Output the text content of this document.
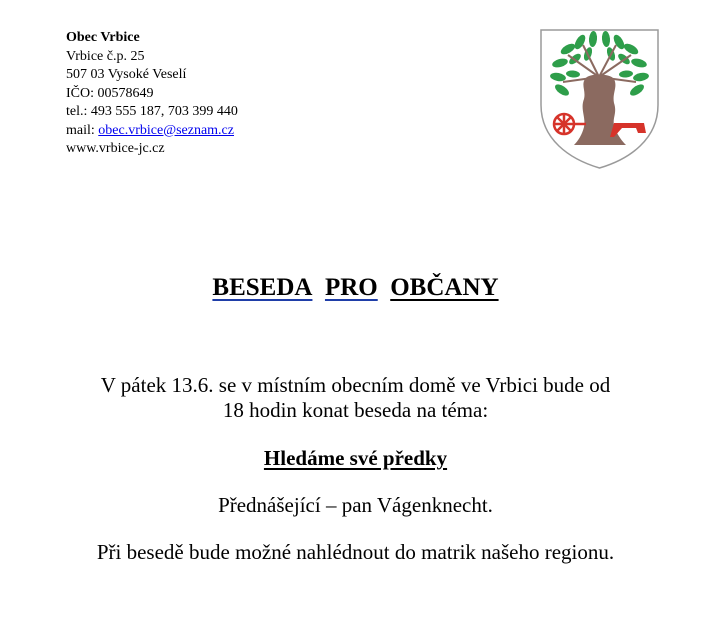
Obec Vrbice
Vrbice č.p. 25
507 03 Vysoké Veselí
IČO: 00578649
tel.: 493 555 187, 703 399 440
mail: obec.vrbice@seznam.cz
www.vrbice-jc.cz
BESEDA PRO OBČANY
V pátek 13.6. se v místním obecním domě ve Vrbici bude od
18 hodin konat beseda na téma:
Hledáme své předky
Přednášející – pan Vágenknecht.
Při besedě bude možné nahlédnout do matrik našeho regionu.
